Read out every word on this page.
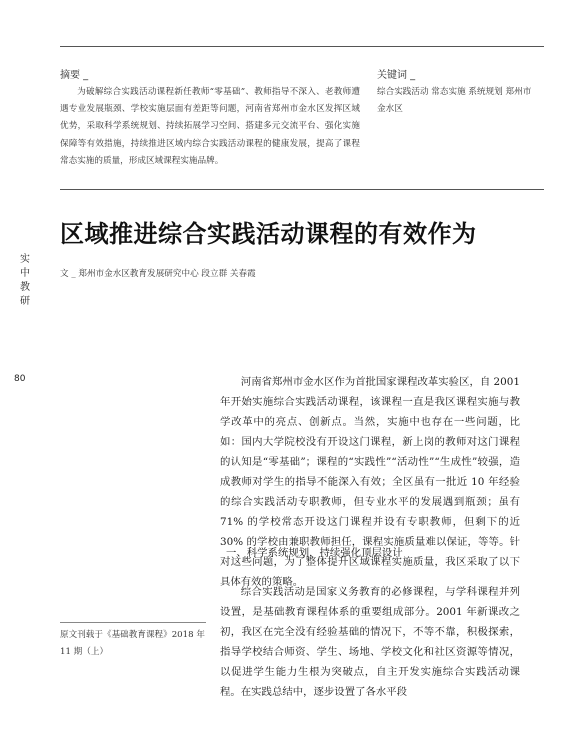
摘要 _
为破解综合实践活动课程新任教师“零基础”、教师指导不深入、老教师遭遇专业发展瓶颈、学校实施层面有差距等问题，河南省郑州市金水区发挥区域优势，采取科学系统规划、持续拓展学习空间、搭建多元交流平台、强化实施保障等有效措施，持续推进区域内综合实践活动课程的健康发展，提高了课程常态实施的质量，形成区域课程实施品牌。
关键词 _
综合实践活动 常态实施 系统规划 郑州市金水区
区域推进综合实践活动课程的有效作为
文 _ 郑州市金水区教育发展研究中心 段立群 关春霞
实中教研
80	河南省郑州市金水区作为首批国家课程改革实验区，自 2001 年开始实施综合实践活动课程，该课程一直是我区课程实施与教学改革中的亮点、创新点。当然，实施中也存在一些问题，比如：国内大学院校没有开设这门课程，新上岗的教师对这门课程的认知是“零基础”；课程的“实践性”“活动性”“生成性”较强，造成教师对学生的指导不能深入有效；全区虽有一批近 10 年经验的综合实践活动专职教师，但专业水平的发展遇到瓶颈；虽有 71% 的学校常态开设这门课程并设有专职教师，但剩下的近 30% 的学校由兼职教师担任，课程实施质量难以保证，等等。针对这些问题，为了整体提升区域课程实施质量，我区采取了以下具体有效的策略。
一、科学系统规划，持续强化顶层设计
综合实践活动是国家义务教育的必修课程，与学科课程并列设置，是基础教育课程体系的重要组成部分。2001 年新课改之初，我区在完全没有经验基础的情况下，不等不靠，积极探索，指导学校结合师资、学生、场地、学校文化和社区资源等情况，以促进学生能力生根为突破点，自主开发实施综合实践活动课程。在实践总结中，逐步设置了各水平段
原文刊载于《基础教育课程》2018 年 11 期（上）
